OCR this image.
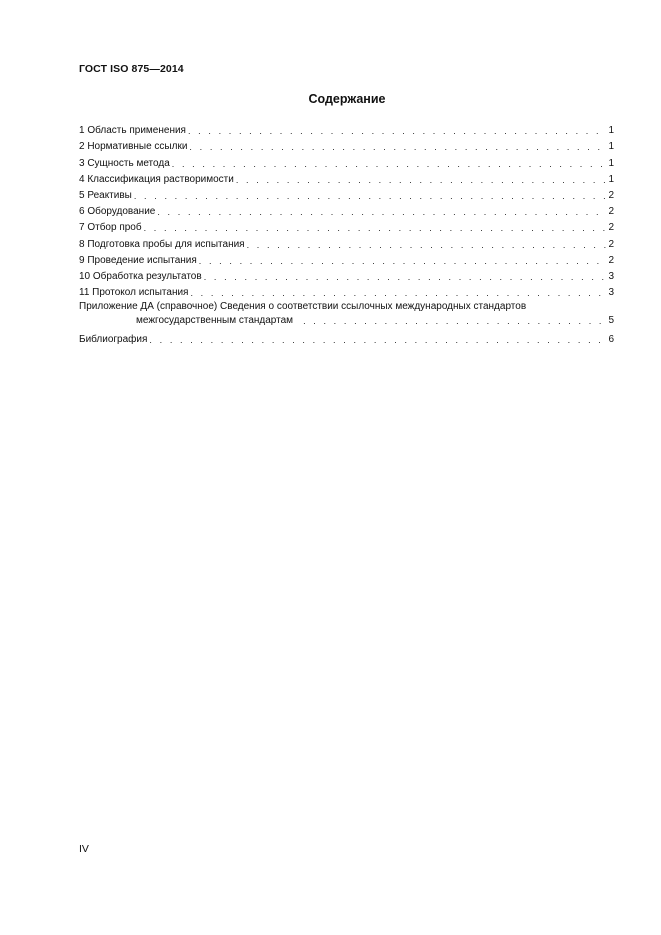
ГОСТ ISO 875—2014
Содержание
1 Область применения . . .	1
2 Нормативные ссылки . . .	1
3 Сущность метода . . .	1
4 Классификация растворимости . . .	1
5 Реактивы . . .	2
6 Оборудование . . .	2
7 Отбор проб . . .	2
8 Подготовка пробы для испытания . . .	2
9 Проведение испытания . . .	2
10 Обработка результатов . . .	3
11 Протокол испытания . . .	3
Приложение ДА (справочное) Сведения о соответствии ссылочных международных стандартов
межгосударственным стандартам . . .	5
Библиография . . .	6
IV
